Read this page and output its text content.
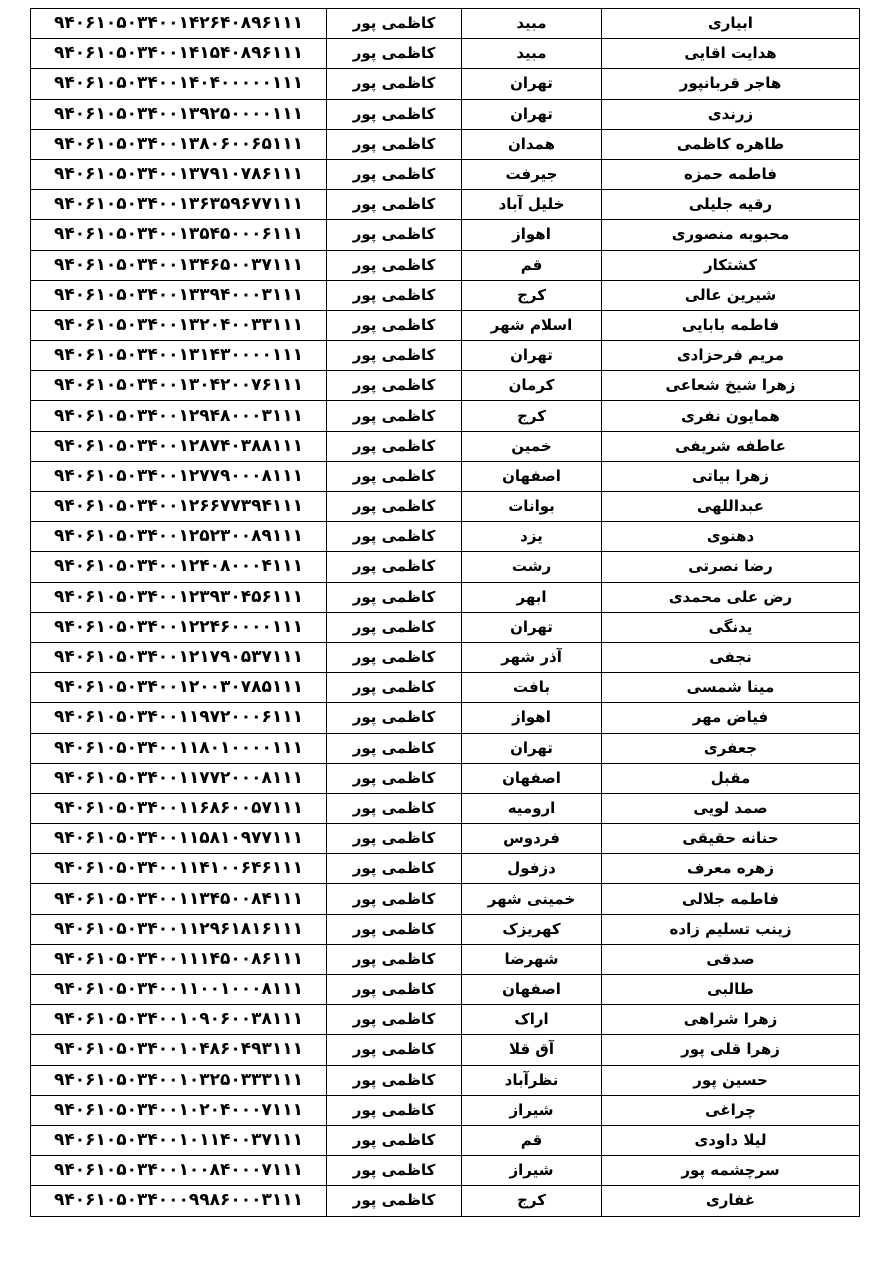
ابیاری	مبید	کاظمی پور	۹۴۰۶۱۰۵۰۳۴۰۰۱۴۲۶۴۰۸۹۶۱۱۱
هدایت اقایی	مبید	کاظمی پور	۹۴۰۶۱۰۵۰۳۴۰۰۱۴۱۵۴۰۸۹۶۱۱۱
هاجر قربانپور	تهران	کاظمی پور	۹۴۰۶۱۰۵۰۳۴۰۰۱۴۰۴۰۰۰۰۰۱۱۱
زرندی	تهران	کاظمی پور	۹۴۰۶۱۰۵۰۳۴۰۰۱۳۹۲۵۰۰۰۰۱۱۱
طاهره کاظمی	همدان	کاظمی پور	۹۴۰۶۱۰۵۰۳۴۰۰۱۳۸۰۶۰۰۶۵۱۱۱
فاطمه حمزه	جیرفت	کاظمی پور	۹۴۰۶۱۰۵۰۳۴۰۰۱۳۷۹۱۰۷۸۶۱۱۱
رقیه جلیلی	خلیل آباد	کاظمی پور	۹۴۰۶۱۰۵۰۳۴۰۰۱۳۶۳۵۹۶۷۷۱۱۱
محبوبه منصوری	اهواز	کاظمی پور	۹۴۰۶۱۰۵۰۳۴۰۰۱۳۵۴۵۰۰۰۶۱۱۱
کشتکار	قم	کاظمی پور	۹۴۰۶۱۰۵۰۳۴۰۰۱۳۴۶۵۰۰۳۷۱۱۱
شیرین عالی	کرج	کاظمی پور	۹۴۰۶۱۰۵۰۳۴۰۰۱۳۳۹۴۰۰۰۳۱۱۱
فاطمه بابایی	اسلام شهر	کاظمی پور	۹۴۰۶۱۰۵۰۳۴۰۰۱۳۲۰۴۰۰۳۳۱۱۱
مریم فرحزادی	تهران	کاظمی پور	۹۴۰۶۱۰۵۰۳۴۰۰۱۳۱۴۳۰۰۰۰۱۱۱
زهرا شیخ شعاعی	کرمان	کاظمی پور	۹۴۰۶۱۰۵۰۳۴۰۰۱۳۰۴۲۰۰۷۶۱۱۱
همایون نفری	کرج	کاظمی پور	۹۴۰۶۱۰۵۰۳۴۰۰۱۲۹۴۸۰۰۰۳۱۱۱
عاطفه شریفی	خمین	کاظمی پور	۹۴۰۶۱۰۵۰۳۴۰۰۱۲۸۷۴۰۳۸۸۱۱۱
زهرا بیاتی	اصفهان	کاظمی پور	۹۴۰۶۱۰۵۰۳۴۰۰۱۲۷۷۹۰۰۰۸۱۱۱
عبداللهی	بوانات	کاظمی پور	۹۴۰۶۱۰۵۰۳۴۰۰۱۲۶۶۷۷۳۹۴۱۱۱
دهنوی	یزد	کاظمی پور	۹۴۰۶۱۰۵۰۳۴۰۰۱۲۵۲۳۰۰۸۹۱۱۱
رضا نصرتی	رشت	کاظمی پور	۹۴۰۶۱۰۵۰۳۴۰۰۱۲۴۰۸۰۰۰۴۱۱۱
رض علی محمدی	ابهر	کاظمی پور	۹۴۰۶۱۰۵۰۳۴۰۰۱۲۳۹۳۰۴۵۶۱۱۱
یدنگی	تهران	کاظمی پور	۹۴۰۶۱۰۵۰۳۴۰۰۱۲۲۴۶۰۰۰۰۱۱۱
نجفی	آذر شهر	کاظمی پور	۹۴۰۶۱۰۵۰۳۴۰۰۱۲۱۷۹۰۵۳۷۱۱۱
مینا شمسی	بافت	کاظمی پور	۹۴۰۶۱۰۵۰۳۴۰۰۱۲۰۰۳۰۷۸۵۱۱۱
فیاض مهر	اهواز	کاظمی پور	۹۴۰۶۱۰۵۰۳۴۰۰۱۱۹۷۲۰۰۰۶۱۱۱
جعفری	تهران	کاظمی پور	۹۴۰۶۱۰۵۰۳۴۰۰۱۱۸۰۱۰۰۰۰۱۱۱
مقبل	اصفهان	کاظمی پور	۹۴۰۶۱۰۵۰۳۴۰۰۱۱۷۷۲۰۰۰۸۱۱۱
صمد لویی	ارومیه	کاظمی پور	۹۴۰۶۱۰۵۰۳۴۰۰۱۱۶۸۶۰۰۵۷۱۱۱
حنانه حقیقی	فردوس	کاظمی پور	۹۴۰۶۱۰۵۰۳۴۰۰۱۱۵۸۱۰۹۷۷۱۱۱
زهره معرف	دزفول	کاظمی پور	۹۴۰۶۱۰۵۰۳۴۰۰۱۱۴۱۰۰۶۴۶۱۱۱
فاطمه جلالی	خمینی شهر	کاظمی پور	۹۴۰۶۱۰۵۰۳۴۰۰۱۱۳۴۵۰۰۸۴۱۱۱
زینب تسلیم زاده	کهریزک	کاظمی پور	۹۴۰۶۱۰۵۰۳۴۰۰۱۱۲۹۶۱۸۱۶۱۱۱
صدقی	شهرضا	کاظمی پور	۹۴۰۶۱۰۵۰۳۴۰۰۱۱۱۴۵۰۰۸۶۱۱۱
طالبی	اصفهان	کاظمی پور	۹۴۰۶۱۰۵۰۳۴۰۰۱۱۰۰۱۰۰۰۸۱۱۱
زهرا شراهی	اراک	کاظمی پور	۹۴۰۶۱۰۵۰۳۴۰۰۱۰۹۰۶۰۰۳۸۱۱۱
زهرا قلی پور	آق قلا	کاظمی پور	۹۴۰۶۱۰۵۰۳۴۰۰۱۰۴۸۶۰۴۹۳۱۱۱
حسین پور	نظرآباد	کاظمی پور	۹۴۰۶۱۰۵۰۳۴۰۰۱۰۳۲۵۰۳۳۳۱۱۱
چراغی	شیراز	کاظمی پور	۹۴۰۶۱۰۵۰۳۴۰۰۱۰۲۰۴۰۰۰۷۱۱۱
لیلا داودی	قم	کاظمی پور	۹۴۰۶۱۰۵۰۳۴۰۰۱۰۱۱۴۰۰۳۷۱۱۱
سرچشمه پور	شیراز	کاظمی پور	۹۴۰۶۱۰۵۰۳۴۰۰۱۰۰۸۴۰۰۰۷۱۱۱
غفاری	کرج	کاظمی پور	۹۴۰۶۱۰۵۰۳۴۰۰۰۹۹۸۶۰۰۰۳۱۱۱
